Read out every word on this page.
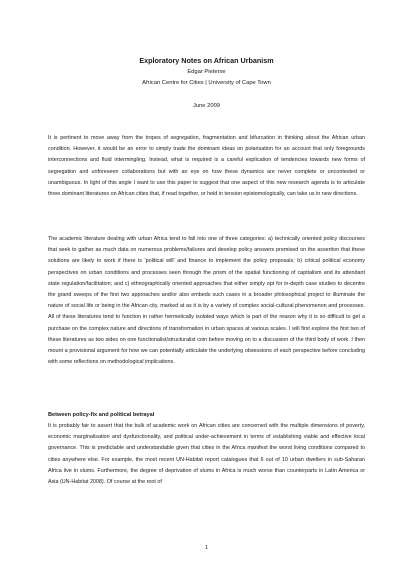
Exploratory Notes on African Urbanism
Edgar Pieterse
African Centre for Cities | University of Cape Town
June 2009

It is pertinent to move away from the tropes of segregation, fragmentation and bifurcation in thinking about the African urban condition. However, it would be an error to simply trade the dominant ideas on polarisation for an account that only foregrounds interconnections and fluid intermingling. Instead, what is required is a careful explication of tendencies towards new forms of segregation and unforeseen collaborations but with an eye on how these dynamics are never complete or uncontested or unambiguous. In light of this angle I want to use this paper to suggest that one aspect of this new research agenda is to articulate three dominant literatures on African cities that, if read together, or held in tension epistemologically, can take us in new directions.

The academic literature dealing with urban Africa tend to fall into one of three categories: a) technically oriented policy discourses that seek to gather as much data on numerous problems/failures and develop policy answers premised on the assertion that these solutions are likely to work if there is 'political will' and finance to implement the policy proposals; b) critical political economy perspectives on urban conditions and processes seen through the prism of the spatial functioning of capitalism and its attendant state regulation/facilitation; and c) ethnographically oriented approaches that either simply opt for in-depth case studies to decentre the grand sweeps of the first two approaches and/or also embeds such cases in a broader philosophical project to illuminate the nature of social life or being in the African city, marked at as it is by a variety of complex social-cultural phenomenon and processes. All of these literatures tend to function in rather hermetically isolated ways which is part of the reason why it is so difficult to get a purchase on the complex nature and directions of transformation in urban spaces at various scales. I will first explore the first two of these literatures as two sides on one functionalist/structuralist coin before moving on to a discussion of the third body of work. I then mount a provisional argument for how we can potentially articulate the underlying obsessions of each perspective before concluding with some reflections on methodological implications.

Between policy-fix and political betrayal

It is probably fair to assert that the bulk of academic work on African cities are concerned with the multiple dimensions of poverty, economic marginalisation and dysfunctionality, and political under-achievement in terms of establishing viable and effective local governance. This is predictable and understandable given that cities in the Africa manifest the worst living conditions compared to cities anywhere else. For example, the most recent UN-Habitat report catalogues that 6 out of 10 urban dwellers in sub-Saharan Africa live in slums. Furthermore, the degree of deprivation of slums in Africa is much worse than counterparts in Latin America or Asia (UN-Habitat 2008). Of course at the root of

1
